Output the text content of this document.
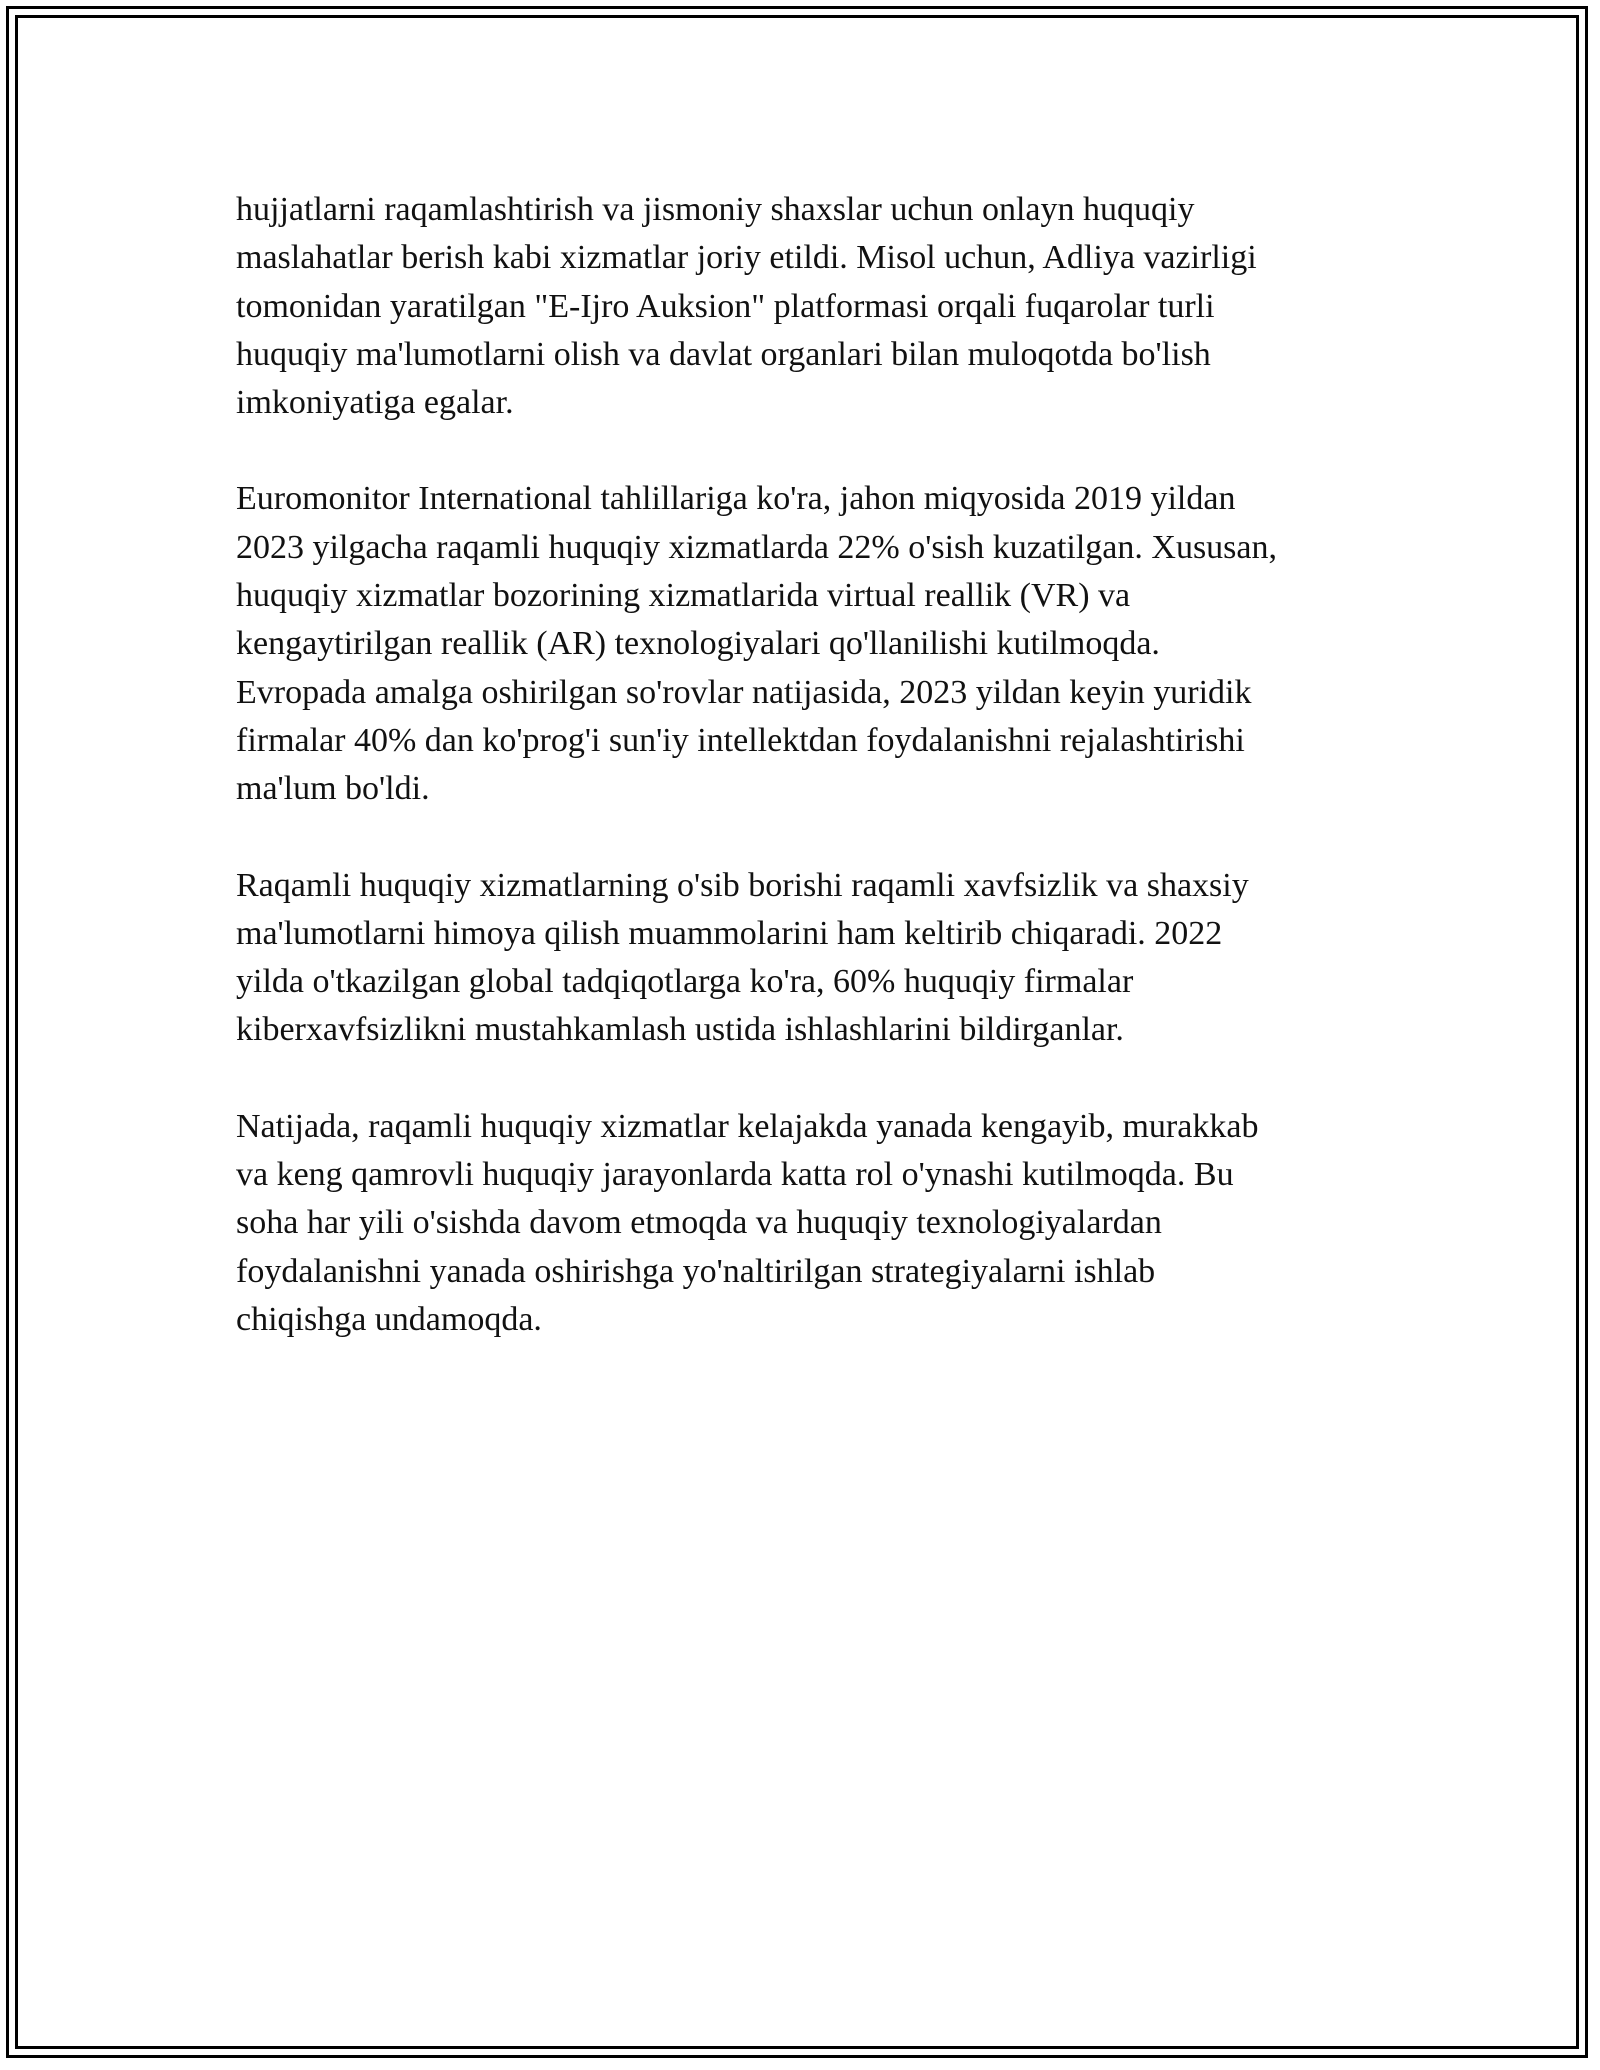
hujjatlarni raqamlashtirish va jismoniy shaxslar uchun onlayn huquqiy
maslahatlar berish kabi xizmatlar joriy etildi. Misol uchun, Adliya vazirligi
tomonidan yaratilgan "E-Ijro Auksion" platformasi orqali fuqarolar turli
huquqiy ma'lumotlarni olish va davlat organlari bilan muloqotda bo'lish
imkoniyatiga egalar.

Euromonitor International tahlillariga ko'ra, jahon miqyosida 2019 yildan
2023 yilgacha raqamli huquqiy xizmatlarda 22% o'sish kuzatilgan. Xususan,
huquqiy xizmatlar bozorining xizmatlarida virtual reallik (VR) va
kengaytirilgan reallik (AR) texnologiyalari qo'llanilishi kutilmoqda.
Evropada amalga oshirilgan so'rovlar natijasida, 2023 yildan keyin yuridik
firmalar 40% dan ko'prog'i sun'iy intellektdan foydalanishni rejalashtirishi
ma'lum bo'ldi.

Raqamli huquqiy xizmatlarning o'sib borishi raqamli xavfsizlik va shaxsiy
ma'lumotlarni himoya qilish muammolarini ham keltirib chiqaradi. 2022
yilda o'tkazilgan global tadqiqotlarga ko'ra, 60% huquqiy firmalar
kiberxavfsizlikni mustahkamlash ustida ishlashlarini bildirganlar.

Natijada, raqamli huquqiy xizmatlar kelajakda yanada kengayib, murakkab
va keng qamrovli huquqiy jarayonlarda katta rol o'ynashi kutilmoqda. Bu
soha har yili o'sishda davom etmoqda va huquqiy texnologiyalardan
foydalanishni yanada oshirishga yo'naltirilgan strategiyalarni ishlab
chiqishga undamoqda.
